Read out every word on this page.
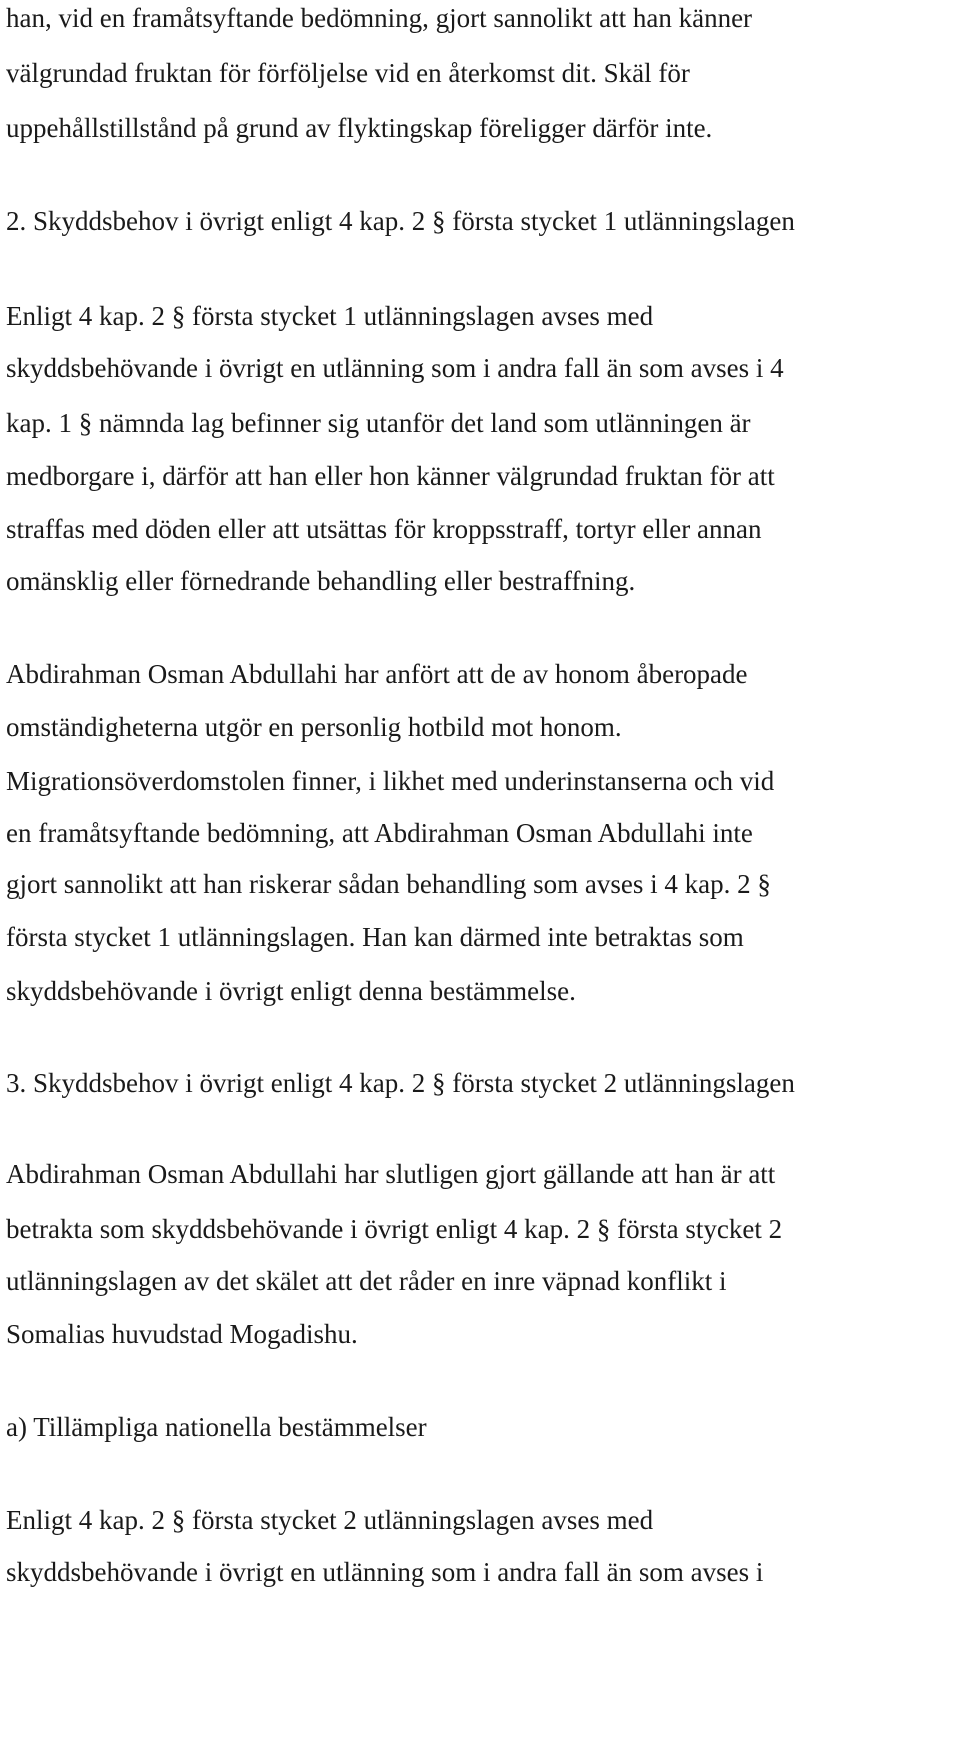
han, vid en framåtsyftande bedömning, gjort sannolikt att han känner

välgrundad fruktan för förföljelse vid en återkomst dit. Skäl för

uppehållstillstånd på grund av flyktingskap föreligger därför inte.

2. Skyddsbehov i övrigt enligt 4 kap. 2 § första stycket 1 utlänningslagen

Enligt 4 kap. 2 § första stycket 1 utlänningslagen avses med

skyddsbehövande i övrigt en utlänning som i andra fall än som avses i 4

kap. 1 § nämnda lag befinner sig utanför det land som utlänningen är

medborgare i, därför att han eller hon känner välgrundad fruktan för att

straffas med döden eller att utsättas för kroppsstraff, tortyr eller annan

omänsklig eller förnedrande behandling eller bestraffning.

Abdirahman Osman Abdullahi har anfört att de av honom åberopade

omständigheterna utgör en personlig hotbild mot honom.

Migrationsöverdomstolen finner, i likhet med underinstanserna och vid

en framåtsyftande bedömning, att Abdirahman Osman Abdullahi inte

gjort sannolikt att han riskerar sådan behandling som avses i 4 kap. 2 §

första stycket 1 utlänningslagen. Han kan därmed inte betraktas som

skyddsbehövande i övrigt enligt denna bestämmelse.

3. Skyddsbehov i övrigt enligt 4 kap. 2 § första stycket 2 utlänningslagen

Abdirahman Osman Abdullahi har slutligen gjort gällande att han är att

betrakta som skyddsbehövande i övrigt enligt 4 kap. 2 § första stycket 2

utlänningslagen av det skälet att det råder en inre väpnad konflikt i

Somalias huvudstad Mogadishu.

a) Tillämpliga nationella bestämmelser

Enligt 4 kap. 2 § första stycket 2 utlänningslagen avses med

skyddsbehövande i övrigt en utlänning som i andra fall än som avses i
